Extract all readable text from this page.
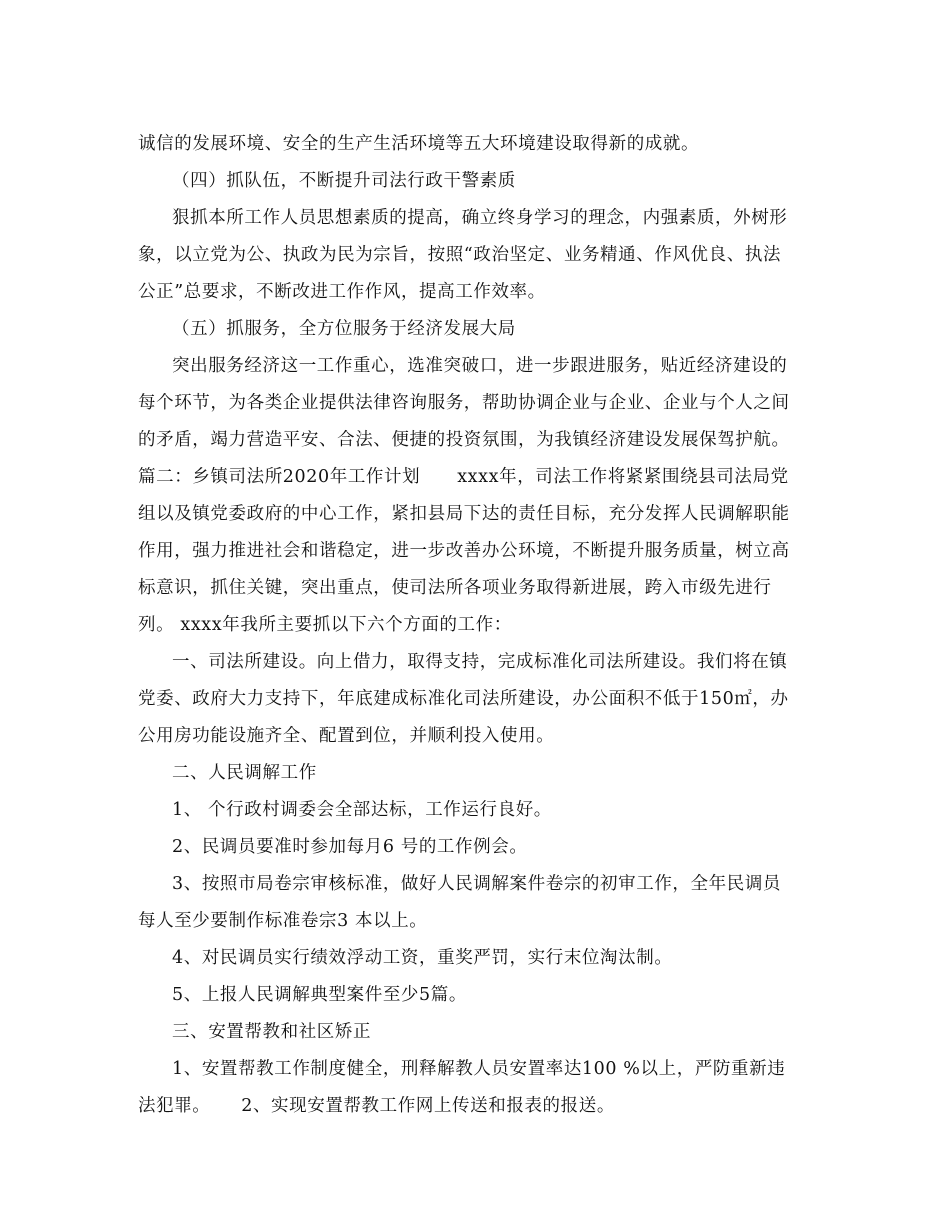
诚信的发展环境、安全的生产生活环境等五大环境建设取得新的成就。
（四）抓队伍，不断提升司法行政干警素质
狠抓本所工作人员思想素质的提高，确立终身学习的理念，内强素质，外树形
象，以立党为公、执政为民为宗旨，按照“政治坚定、业务精通、作风优良、执法
公正”总要求，不断改进工作作风，提高工作效率。
（五）抓服务，全方位服务于经济发展大局
突出服务经济这一工作重心，选准突破口，进一步跟进服务，贴近经济建设的
每个环节，为各类企业提供法律咨询服务，帮助协调企业与企业、企业与个人之间
的矛盾，竭力营造平安、合法、便捷的投资氛围，为我镇经济建设发展保驾护航。
篇二：乡镇司法所2020年工作计划      xxxx年，司法工作将紧紧围绕县司法局党
组以及镇党委政府的中心工作，紧扣县局下达的责任目标，充分发挥人民调解职能
作用，强力推进社会和谐稳定，进一步改善办公环境，不断提升服务质量，树立高
标意识，抓住关键，突出重点，使司法所各项业务取得新进展，跨入市级先进行
列。 xxxx年我所主要抓以下六个方面的工作：
一、司法所建设。向上借力，取得支持，完成标准化司法所建设。我们将在镇
党委、政府大力支持下，年底建成标准化司法所建设，办公面积不低于150㎡，办
公用房功能设施齐全、配置到位，并顺利投入使用。
二、人民调解工作
1、 个行政村调委会全部达标，工作运行良好。
2、民调员要准时参加每月6 号的工作例会。
3、按照市局卷宗审核标准，做好人民调解案件卷宗的初审工作，全年民调员
每人至少要制作标准卷宗3 本以上。
4、对民调员实行绩效浮动工资，重奖严罚，实行末位淘汰制。
5、上报人民调解典型案件至少5篇。
三、安置帮教和社区矫正
1、安置帮教工作制度健全，刑释解教人员安置率达100 %以上，严防重新违
法犯罪。     2、实现安置帮教工作网上传送和报表的报送。
